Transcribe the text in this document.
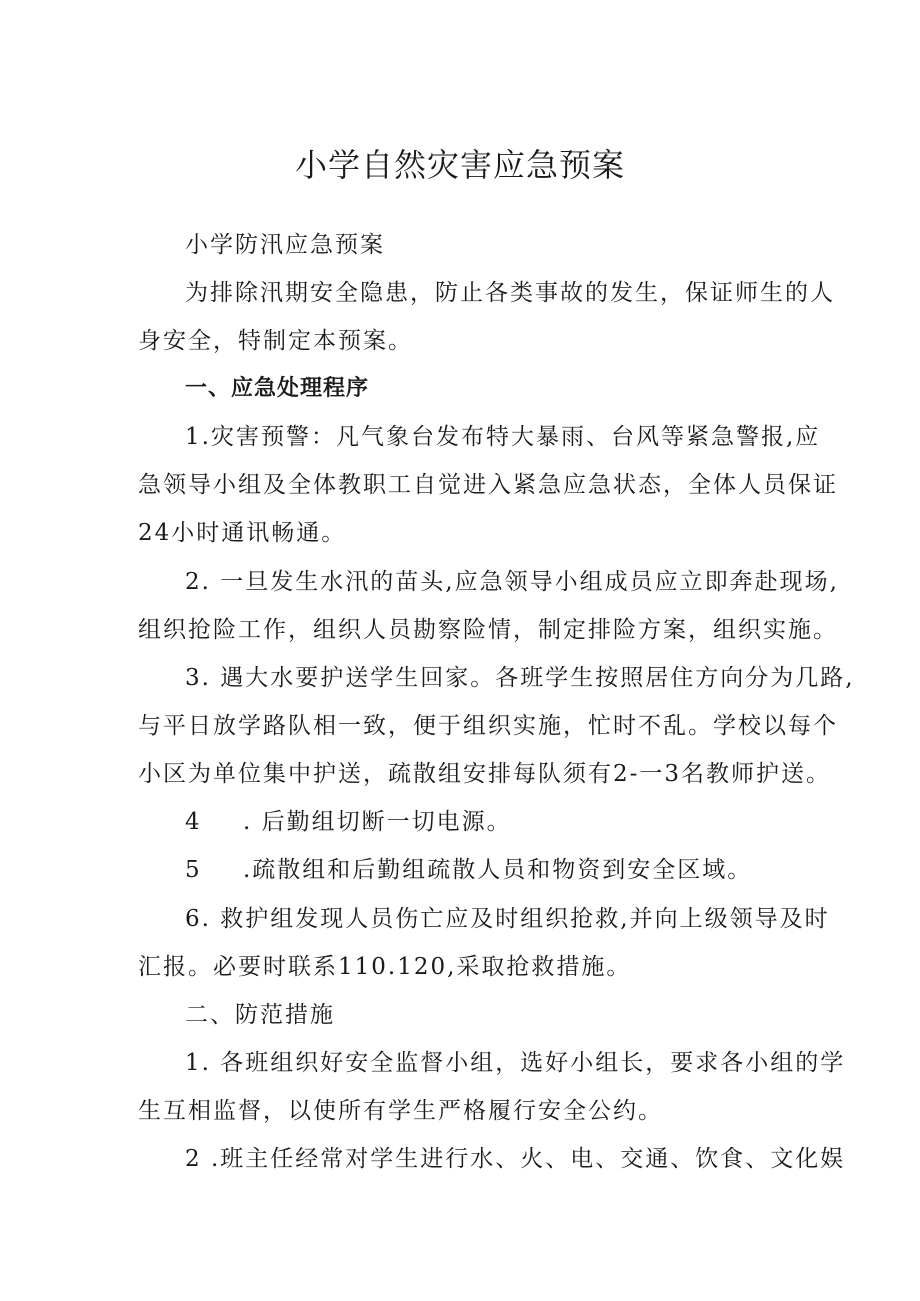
小学自然灾害应急预案
小学防汛应急预案
为排除汛期安全隐患，防止各类事故的发生，保证师生的人
身安全，特制定本预案。
一、应急处理程序
1.灾害预警：凡气象台发布特大暴雨、台风等紧急警报,应
急领导小组及全体教职工自觉进入紧急应急状态，全体人员保证
24小时通讯畅通。
2. 一旦发生水汛的苗头,应急领导小组成员应立即奔赴现场,
组织抢险工作，组织人员勘察险情，制定排险方案，组织实施。
3. 遇大水要护送学生回家。各班学生按照居住方向分为几路,
与平日放学路队相一致，便于组织实施，忙时不乱。学校以每个
小区为单位集中护送，疏散组安排每队须有2-一3名教师护送。
4 . 后勤组切断一切电源。
5 .疏散组和后勤组疏散人员和物资到安全区域。
6. 救护组发现人员伤亡应及时组织抢救,并向上级领导及时
汇报。必要时联系110.120,采取抢救措施。
二、防范措施
1. 各班组织好安全监督小组，选好小组长，要求各小组的学
生互相监督，以使所有学生严格履行安全公约。
2 .班主任经常对学生进行水、火、电、交通、饮食、文化娱
